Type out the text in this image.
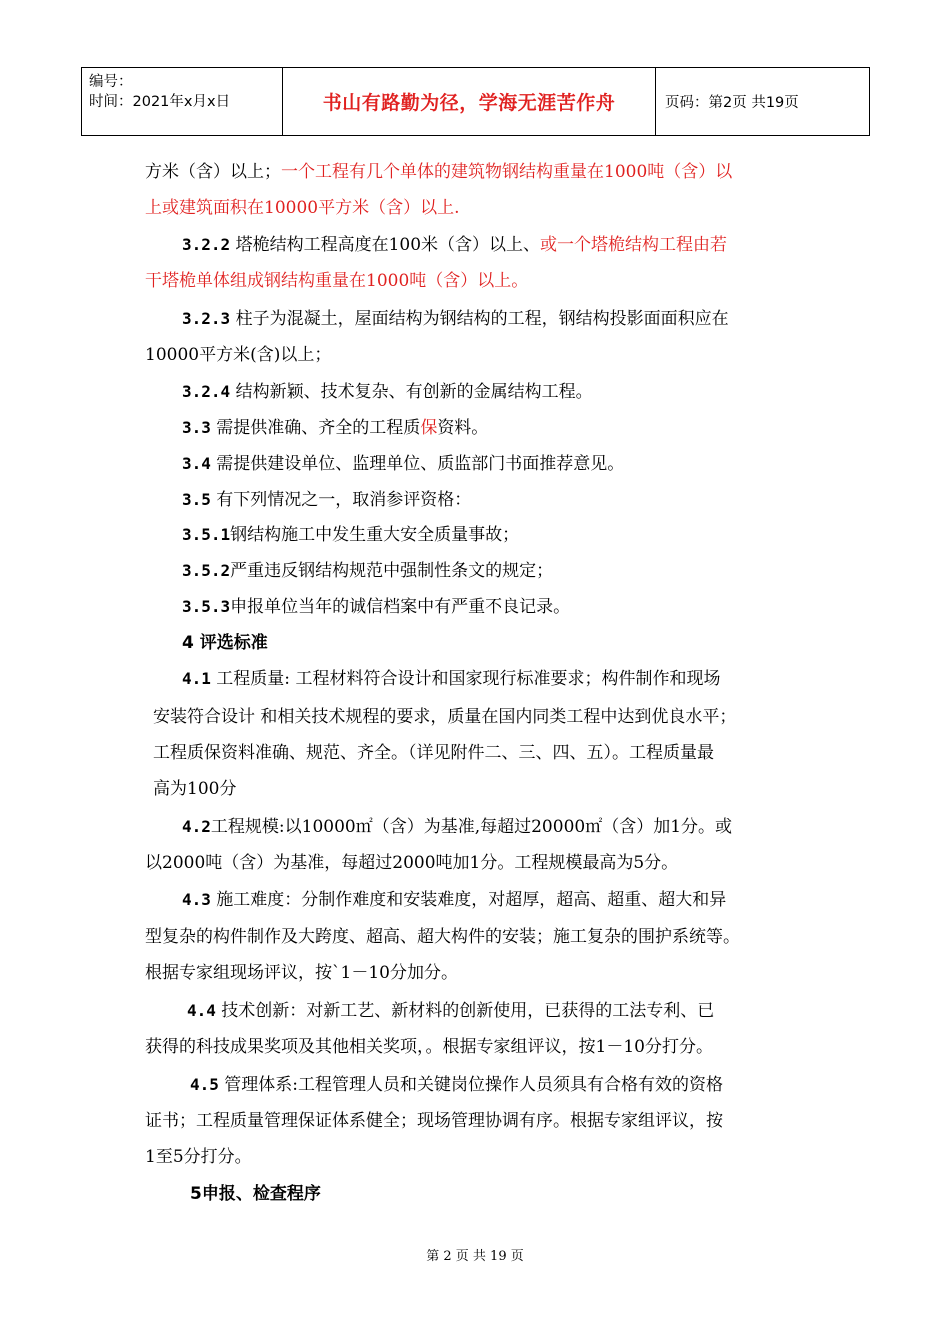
编号：
时间：2021年x月x日	书山有路勤为径，学海无涯苦作舟	页码：第2页 共19页
方米（含）以上；一个工程有几个单体的建筑物钢结构重量在1000吨（含）以
上或建筑面积在10000平方米（含）以上.
3.2.2 塔桅结构工程高度在100米（含）以上、或一个塔桅结构工程由若
干塔桅单体组成钢结构重量在1000吨（含）以上。
3.2.3 柱子为混凝土，屋面结构为钢结构的工程，钢结构投影面面积应在
10000平方米(含)以上；
3.2.4 结构新颖、技术复杂、有创新的金属结构工程。
3.3 需提供准确、齐全的工程质保资料。
3.4 需提供建设单位、监理单位、质监部门书面推荐意见。
3.5 有下列情况之一，取消参评资格：
3.5.1钢结构施工中发生重大安全质量事故；
3.5.2严重违反钢结构规范中强制性条文的规定；
3.5.3申报单位当年的诚信档案中有严重不良记录。
4 评选标准
4.1 工程质量: 工程材料符合设计和国家现行标准要求；构件制作和现场
安装符合设计 和相关技术规程的要求，质量在国内同类工程中达到优良水平；
工程质保资料准确、规范、齐全。（详见附件二、三、四、五）。工程质量最
高为100分
4.2工程规模:以10000㎡（含）为基准,每超过20000㎡（含）加1分。或
以2000吨（含）为基准，每超过2000吨加1分。工程规模最高为5分。
4.3 施工难度：分制作难度和安装难度，对超厚，超高、超重、超大和异
型复杂的构件制作及大跨度、超高、超大构件的安装；施工复杂的围护系统等。
根据专家组现场评议，按`1－10分加分。
4.4 技术创新：对新工艺、新材料的创新使用，已获得的工法专利、已
获得的科技成果奖项及其他相关奖项，。根据专家组评议，按1－10分打分。
4.5 管理体系:工程管理人员和关键岗位操作人员须具有合格有效的资格
证书；工程质量管理保证体系健全；现场管理协调有序。根据专家组评议，按
1至5分打分。
5申报、检查程序
第 2 页 共 19 页
